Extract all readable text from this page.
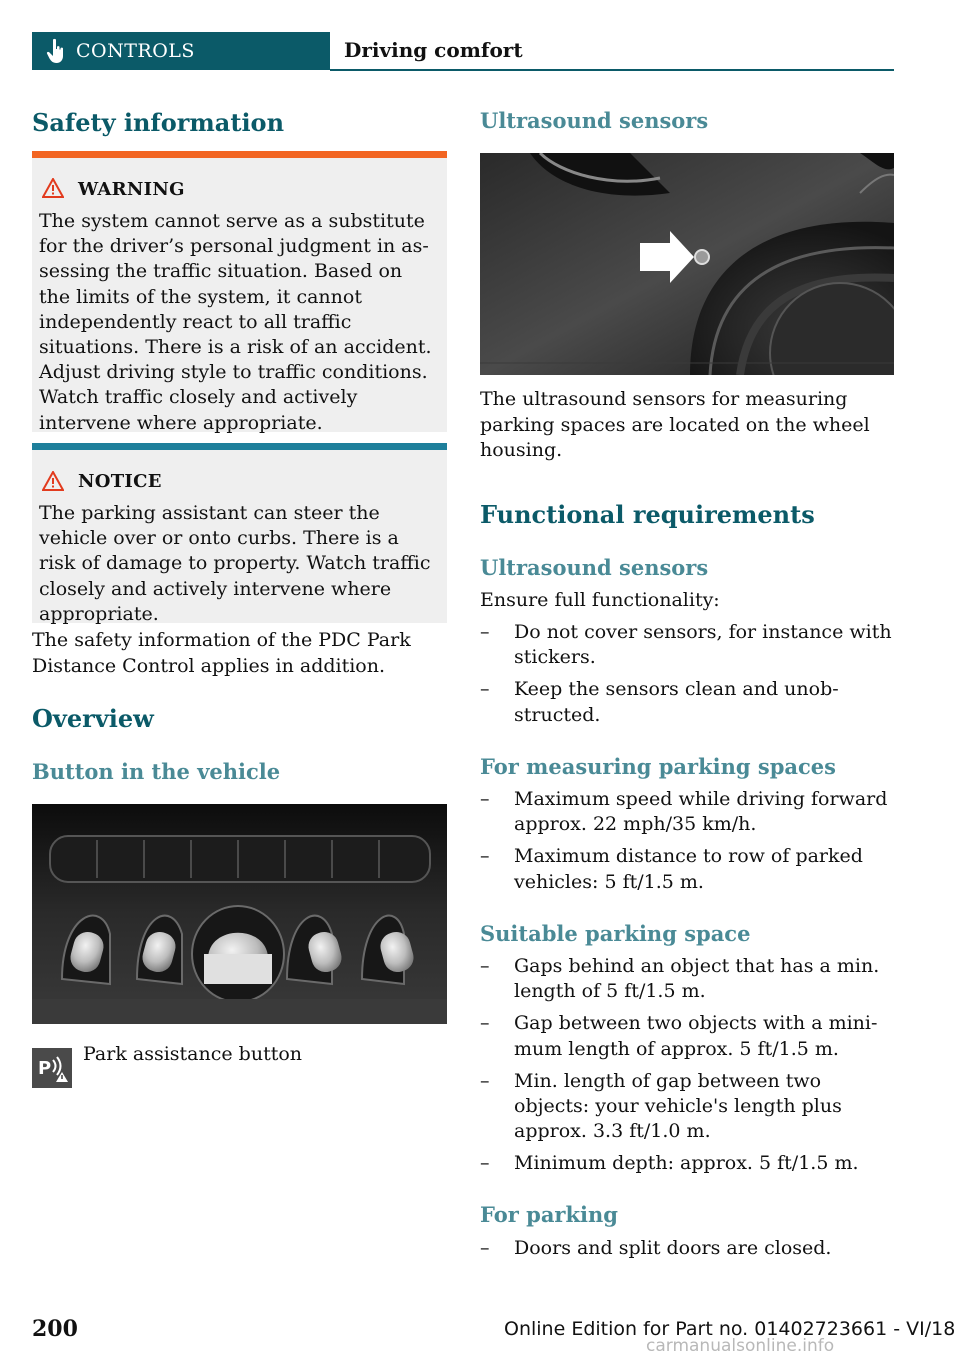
CONTROLS	Driving comfort
Safety information
WARNING

The system cannot serve as a substitute for the driver’s personal judgment in assessing the traffic situation. Based on the limits of the system, it cannot independently react to all traffic situations. There is a risk of an accident. Adjust driving style to traffic conditions. Watch traffic closely and actively intervene where appropriate.

NOTICE

The parking assistant can steer the vehicle over or onto curbs. There is a risk of damage to property. Watch traffic closely and actively intervene where appropriate.

The safety information of the PDC Park Distance Control applies in addition.

Overview
Button in the vehicle
P

Park assistance button

Ultrasound sensors

The ultrasound sensors for measuring parking spaces are located on the wheel housing.

Functional requirements
Ultrasound sensors

Ensure full functionality:

– Do not cover sensors, for instance with stickers.
– Keep the sensors clean and unobstructed.
For measuring parking spaces
– Maximum speed while driving forward approx. 22 mph/35 km/h.
– Maximum distance to row of parked vehicles: 5 ft/1.5 m.
Suitable parking space
– Gaps behind an object that has a min. length of 5 ft/1.5 m.
– Gap between two objects with a minimum length of approx. 5 ft/1.5 m.
– Min. length of gap between two objects: your vehicle's length plus approx. 3.3 ft/1.0 m.
– Minimum depth: approx. 5 ft/1.5 m.
For parking
– Doors and split doors are closed.
200	Online Edition for Part no. 01402723661 - VI/18
carmanualsonline.info
